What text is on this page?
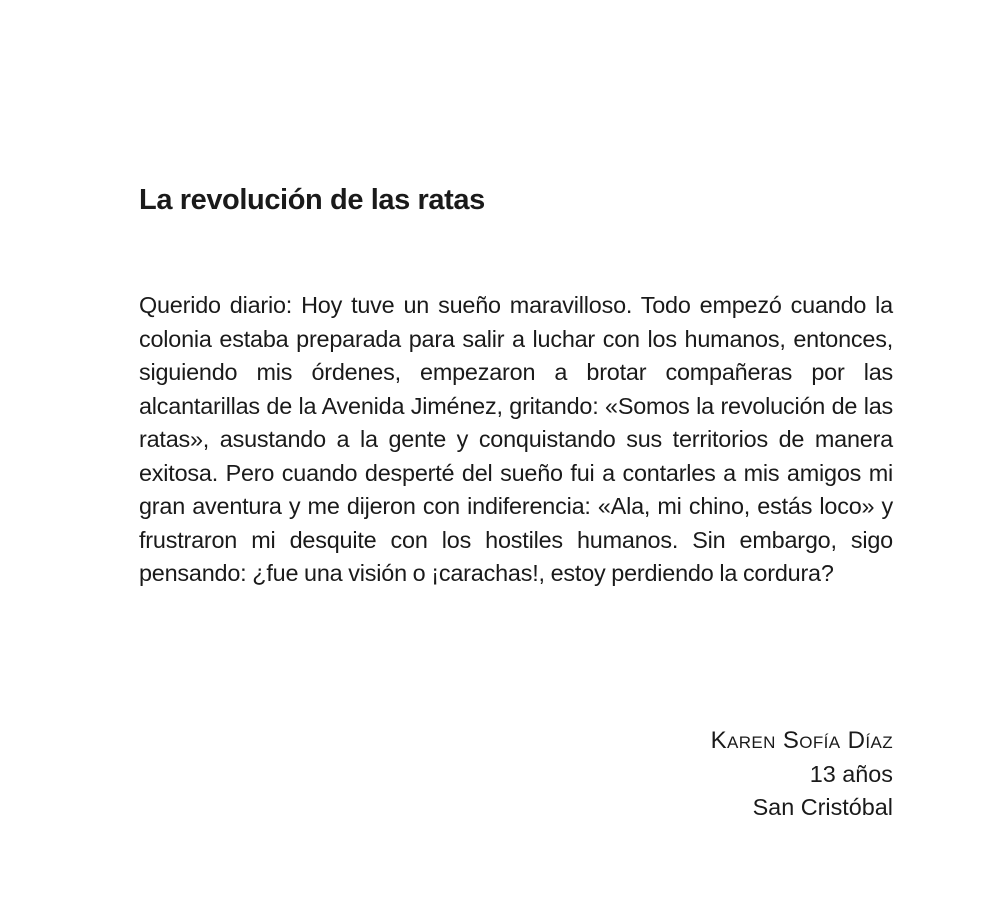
La revolución de las ratas

Querido diario: Hoy tuve un sueño maravilloso. Todo empezó cuando la colonia estaba preparada para salir a luchar con los humanos, entonces, siguiendo mis órdenes, empezaron a brotar compañeras por las alcantarillas de la Avenida Jiménez, gritando: «Somos la revolución de las ratas», asustando a la gente y conquistando sus territorios de manera exitosa. Pero cuando desperté del sueño fui a contarles a mis amigos mi gran aventura y me dijeron con indiferencia: «Ala, mi chino, estás loco» y frustraron mi desquite con los hostiles humanos. Sin embargo, sigo pensando: ¿fue una visión o ¡carachas!, estoy perdiendo la cordura?

Karen Sofía Díaz
13 años
San Cristóbal
